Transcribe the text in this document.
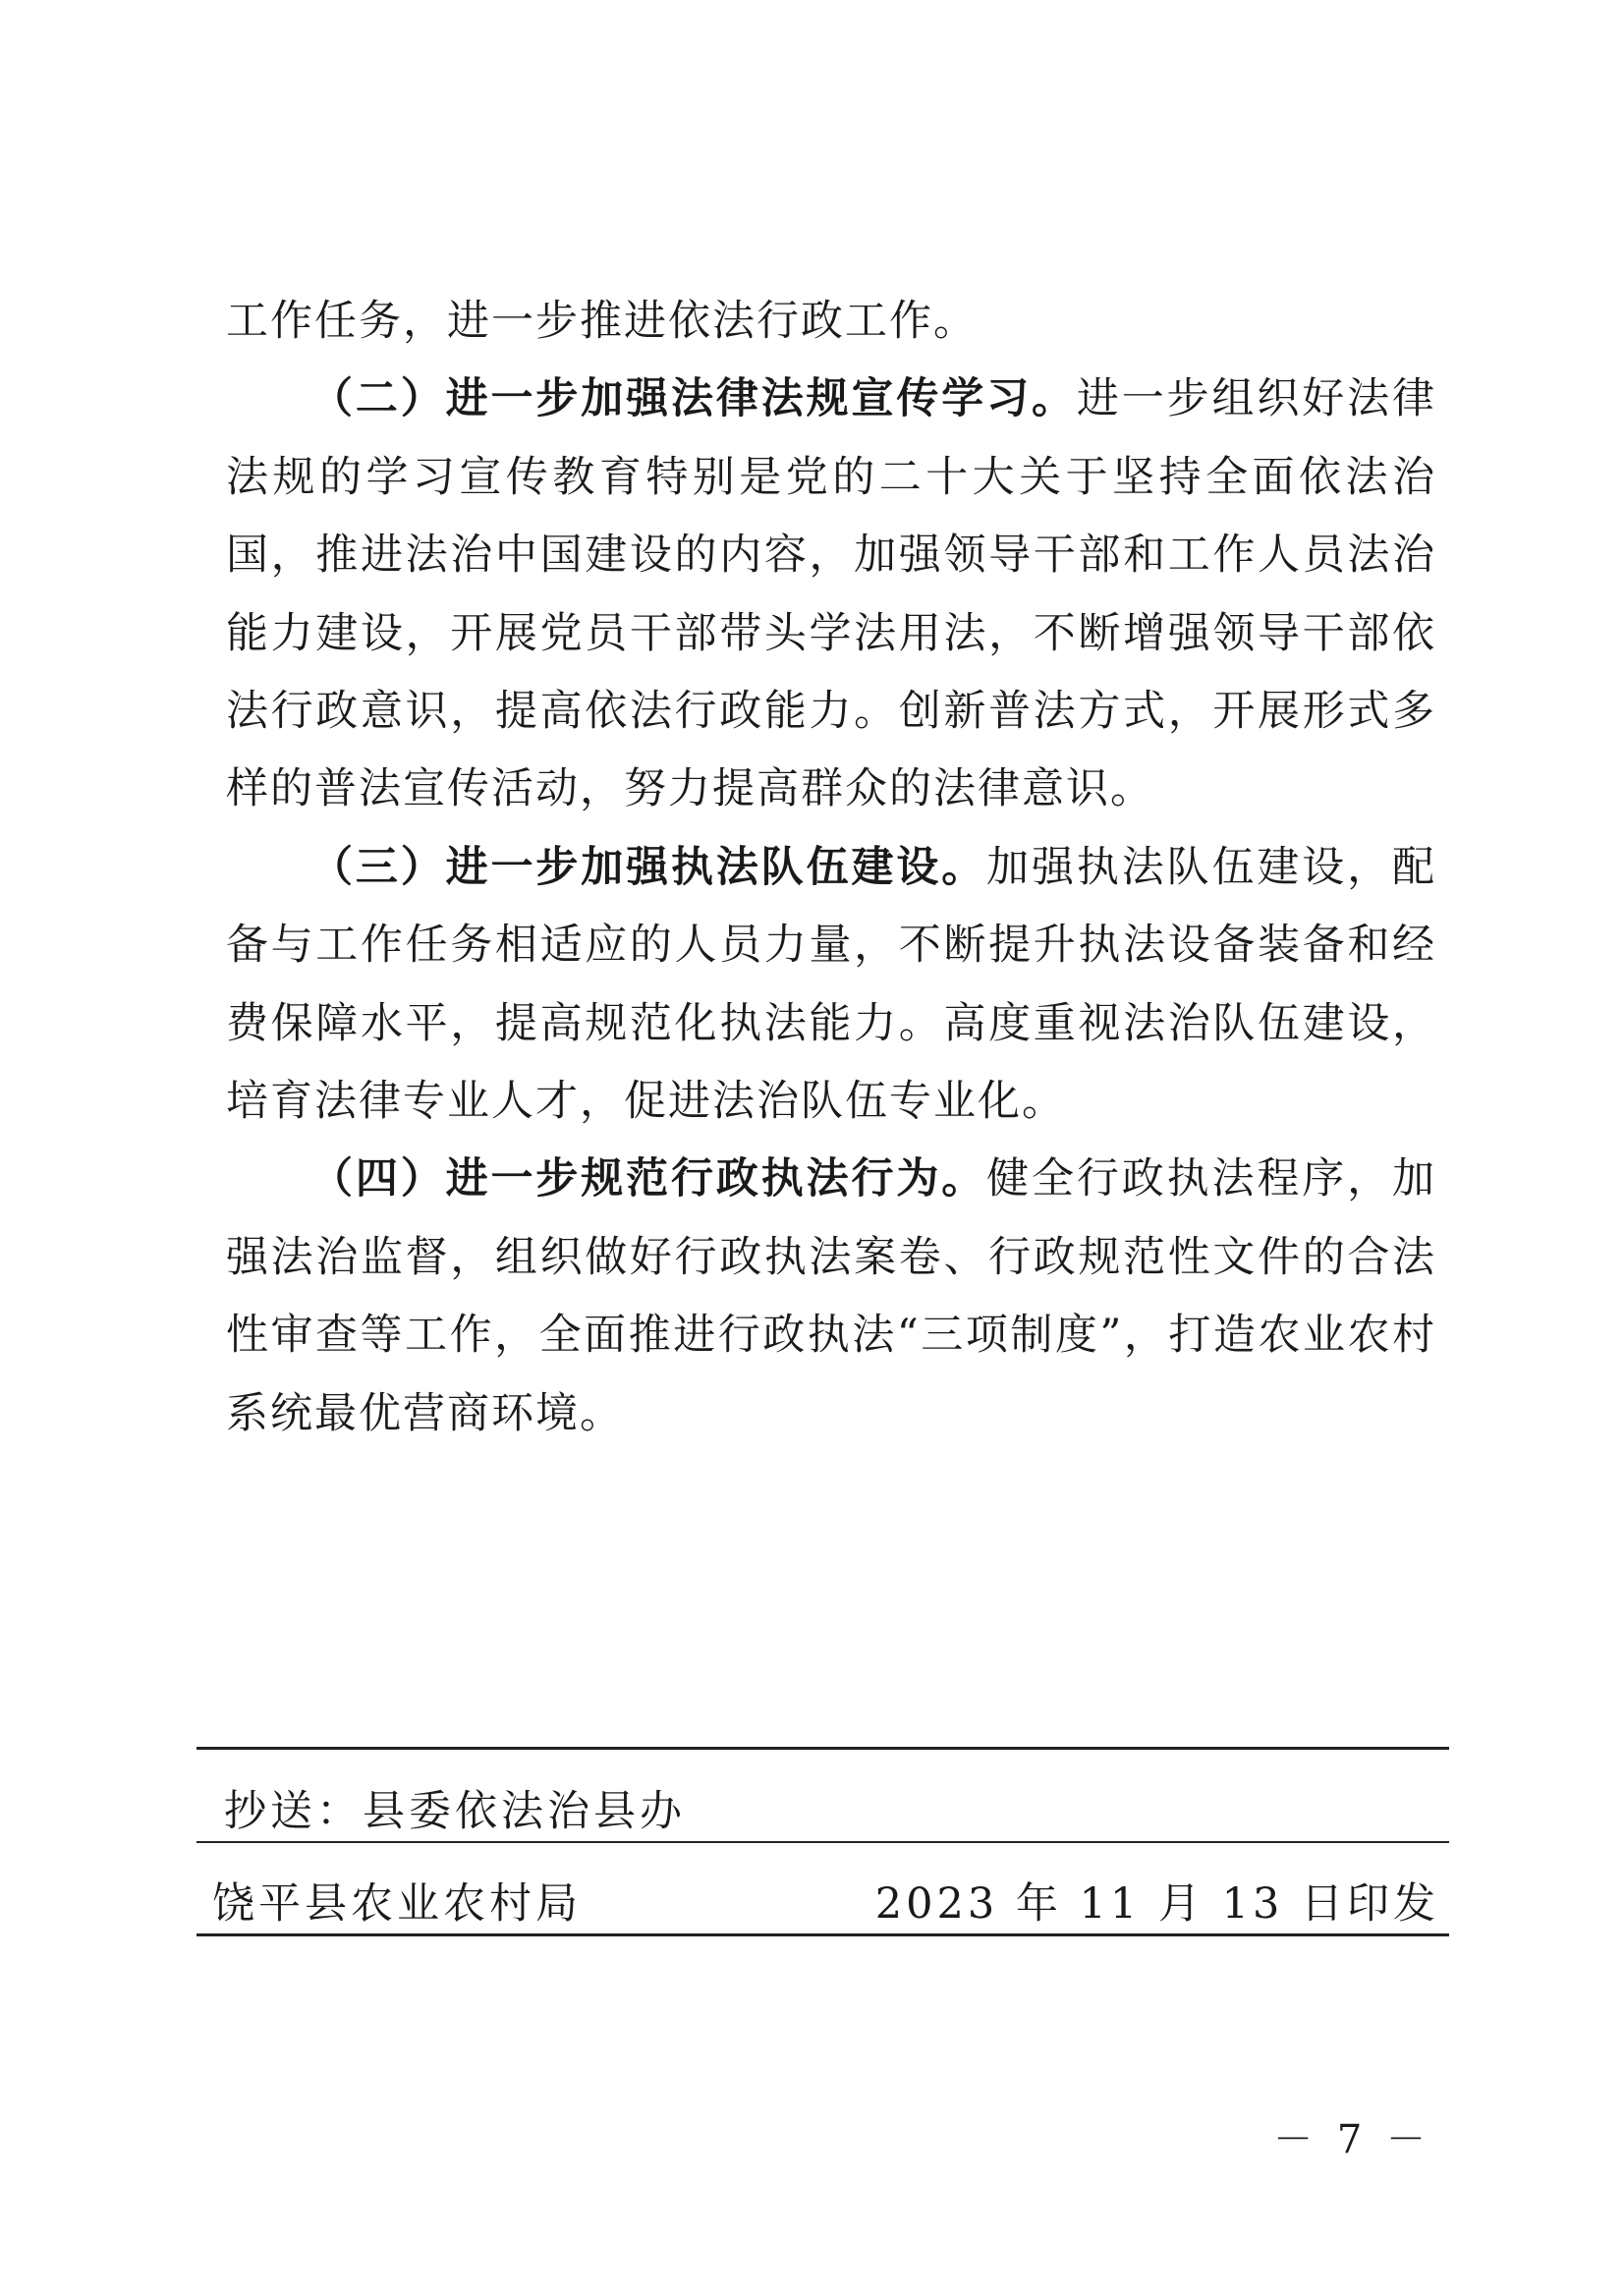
工作任务，进一步推进依法行政工作。

（二）进一步加强法律法规宣传学习。进一步组织好法律法规的学习宣传教育特别是党的二十大关于坚持全面依法治国，推进法治中国建设的内容，加强领导干部和工作人员法治能力建设，开展党员干部带头学法用法，不断增强领导干部依法行政意识，提高依法行政能力。创新普法方式，开展形式多样的普法宣传活动，努力提高群众的法律意识。

（三）进一步加强执法队伍建设。加强执法队伍建设，配备与工作任务相适应的人员力量，不断提升执法设备装备和经费保障水平，提高规范化执法能力。高度重视法治队伍建设，培育法律专业人才，促进法治队伍专业化。

（四）进一步规范行政执法行为。健全行政执法程序，加强法治监督，组织做好行政执法案卷、行政规范性文件的合法性审查等工作，全面推进行政执法“三项制度”，打造农业农村系统最优营商环境。

抄送：县委依法治县办
饶平县农业农村局	2023 年 11 月 13 日印发
－ 7 －
